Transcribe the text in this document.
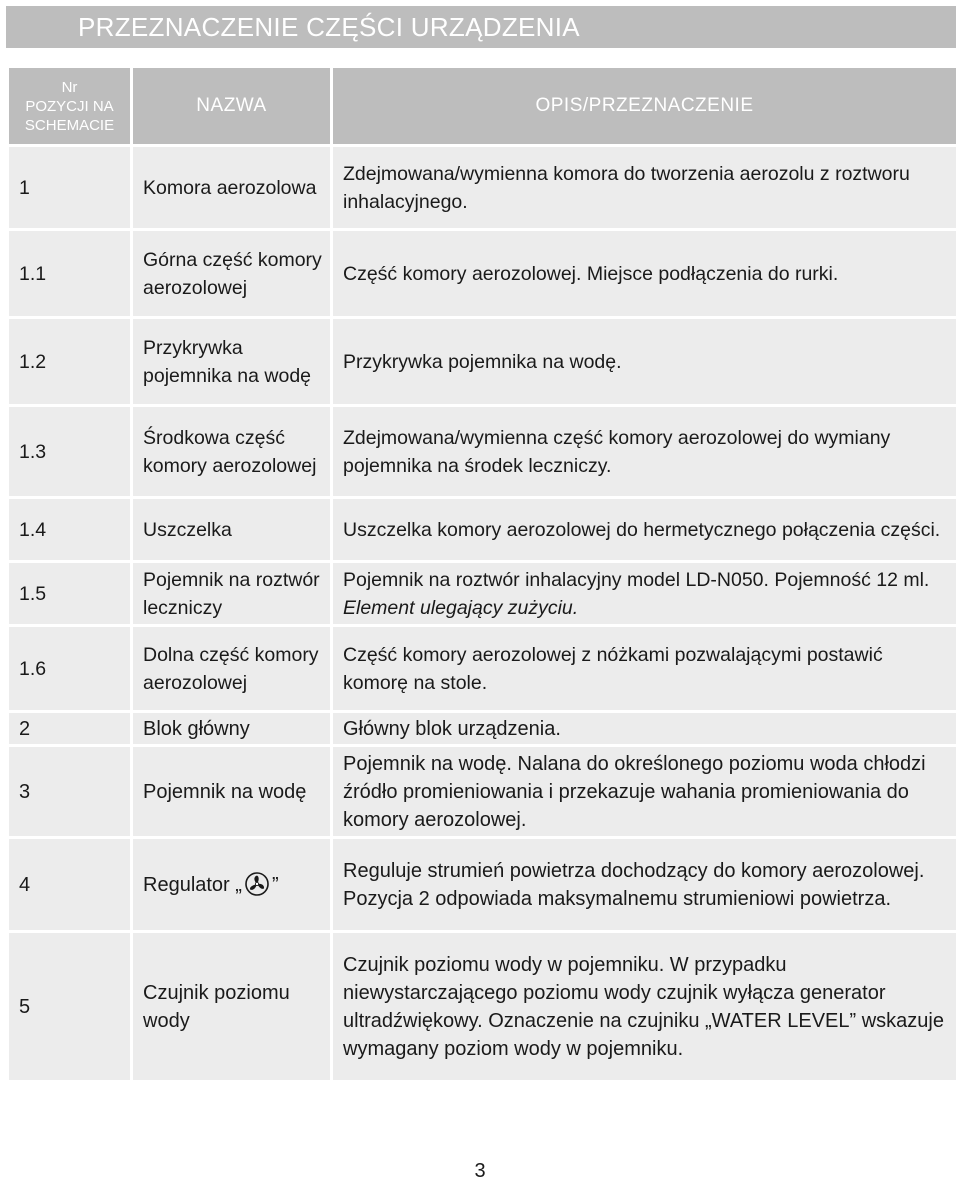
PRZEZNACZENIE CZĘŚCI URZĄDZENIA
Nr
POZYCJI NA
SCHEMACIE	NAZWA	OPIS/PRZEZNACZENIE
1	Komora aerozolowa	Zdejmowana/wymienna komora do tworzenia aerozolu z roztworu inhalacyjnego.
1.1	Górna część komory aerozolowej	Część komory aerozolowej. Miejsce podłączenia do rurki.
1.2	Przykrywka pojemnika na wodę	Przykrywka pojemnika na wodę.
1.3	Środkowa część komory aerozolowej	Zdejmowana/wymienna część komory aerozolowej do wymiany pojemnika na środek leczniczy.
1.4	Uszczelka	Uszczelka komory aerozolowej do hermetycznego połączenia części.
1.5	Pojemnik na roztwór leczniczy	Pojemnik na roztwór inhalacyjny model LD-N050. Pojemność 12 ml. Element ulegający zużyciu.
1.6	Dolna część komory aerozolowej	Część komory aerozolowej z nóżkami pozwalającymi postawić komorę na stole.
2	Blok główny	Główny blok urządzenia.
3	Pojemnik na wodę	Pojemnik na wodę. Nalana do określonego poziomu woda chłodzi źródło promieniowania i przekazuje wahania promieniowania do komory aerozolowej.
4	Regulator „ ”	Reguluje strumień powietrza dochodzący do komory aerozolowej. Pozycja 2 odpowiada maksymalnemu strumieniowi powietrza.
5	Czujnik poziomu wody	Czujnik poziomu wody w pojemniku. W przypadku niewystarczającego poziomu wody czujnik wyłącza generator ultradźwiękowy. Oznaczenie na czujniku „WATER LEVEL” wskazuje wymagany poziom wody w pojemniku.
3
